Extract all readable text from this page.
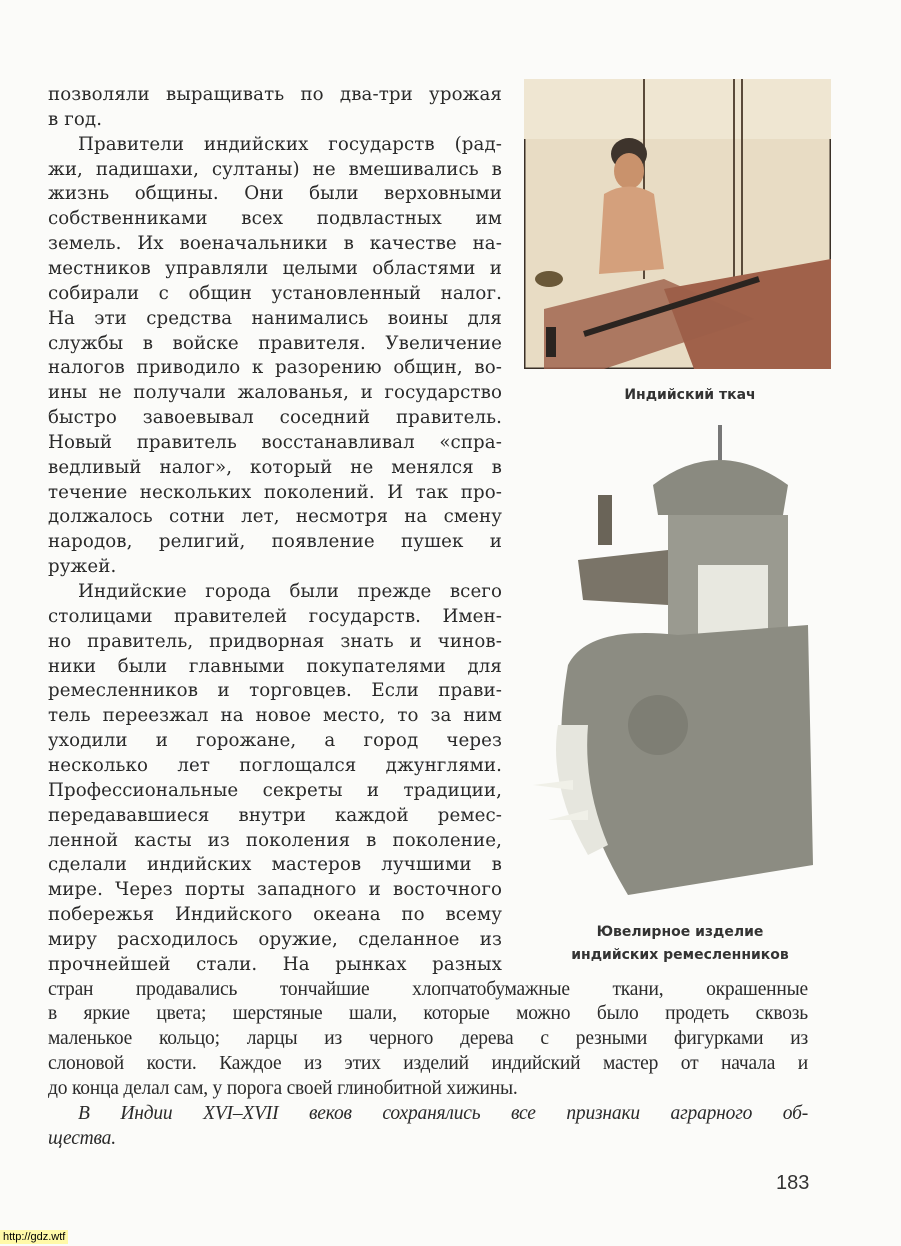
позволяли выращивать по два-три урожая
в год.
Правители индийских государств (рад-
жи, падишахи, султаны) не вмешивались в
жизнь общины. Они были верховными
собственниками всех подвластных им
земель. Их военачальники в качестве на-
местников управляли целыми областями и
собирали с общин установленный налог.
На эти средства нанимались воины для
службы в войске правителя. Увеличение
налогов приводило к разорению общин, во-
ины не получали жалованья, и государство
быстро завоевывал соседний правитель.
Новый правитель восстанавливал «спра-
ведливый налог», который не менялся в
течение нескольких поколений. И так про-
должалось сотни лет, несмотря на смену
народов, религий, появление пушек и
ружей.
Индийские города были прежде всего
столицами правителей государств. Имен-
но правитель, придворная знать и чинов-
ники были главными покупателями для
ремесленников и торговцев. Если прави-
тель переезжал на новое место, то за ним
уходили и горожане, а город через
несколько лет поглощался джунглями.
Профессиональные секреты и традиции,
передававшиеся внутри каждой ремес-
ленной касты из поколения в поколение,
сделали индийских мастеров лучшими в
мире. Через порты западного и восточного
побережья Индийского океана по всему
миру расходилось оружие, сделанное из
прочнейшей стали. На рынках разных
стран продавались тончайшие хлопчатобумажные ткани, окрашенные
в яркие цвета; шерстяные шали, которые можно было продеть сквозь
маленькое кольцо; ларцы из черного дерева с резными фигурками из
слоновой кости. Каждое из этих изделий индийский мастер от начала и
до конца делал сам, у порога своей глинобитной хижины.
В Индии XVI–XVII веков сохранялись все признаки аграрного об-
щества.
Индийский ткач
Ювелирное изделие
индийских ремесленников
183
http://gdz.wtf
